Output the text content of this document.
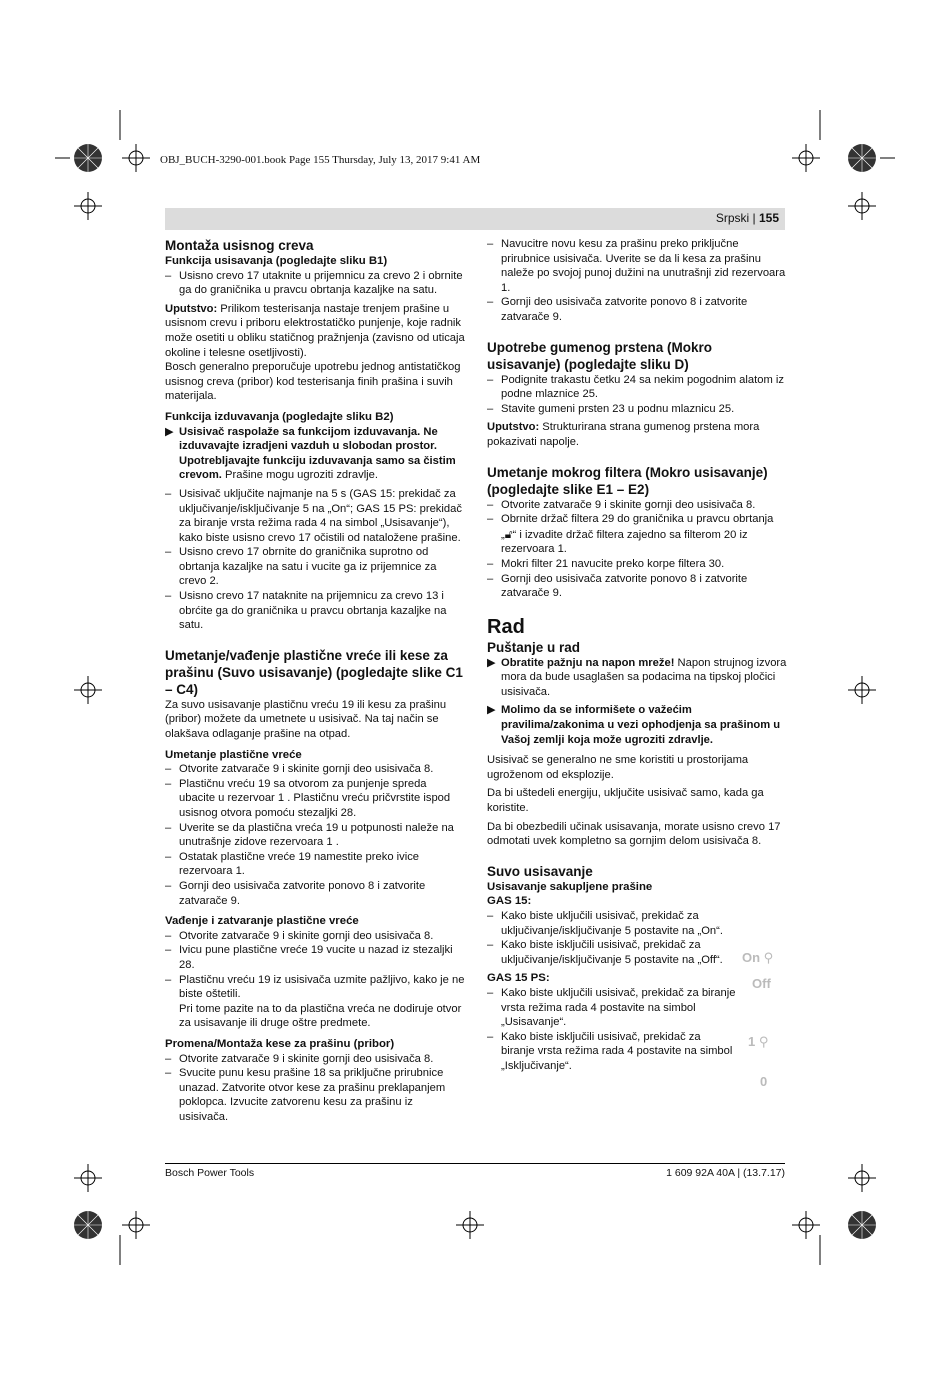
OBJ_BUCH-3290-001.book Page 155 Thursday, July 13, 2017 9:41 AM
Srpski | 155

Montaža usisnog creva

Funkcija usisavanja (pogledajte sliku B1)

– Usisno crevo 17 utaknite u prijemnicu za crevo 2 i obrnite ga do graničnika u pravcu obrtanja kazaljke na satu.

Uputstvo: Prilikom testerisanja nastaje trenjem prašine u usisnom crevu i priboru elektrostatičko punjenje, koje radnik može osetiti u obliku statičnog pražnjenja (zavisno od uticaja okoline i telesne osetljivosti).

Bosch generalno preporučuje upotrebu jednog antistatičkog usisnog creva (pribor) kod testerisanja finih prašina i suvih materijala.

Funkcija izduvavanja (pogledajte sliku B2)

▶ Usisivač raspolaže sa funkcijom izduvavanja. Ne izduvavajte izradjeni vazduh u slobodan prostor. Upotrebljavajte funkciju izduvavanja samo sa čistim crevom. Prašine mogu ugroziti zdravlje.

– Usisivač uključite najmanje na 5 s (GAS 15: prekidač za uključivanje/isključivanje 5 na „On“; GAS 15 PS: prekidač za biranje vrsta režima rada 4 na simbol „Usisavanje“), kako biste usisno crevo 17 očistili od nataložene prašine.

– Usisno crevo 17 obrnite do graničnika suprotno od obrtanja kazaljke na satu i vucite ga iz prijemnice za crevo 2.

– Usisno crevo 17 nataknite na prijemnicu za crevo 13 i obrćite ga do graničnika u pravcu obrtanja kazaljke na satu.

Umetanje/vađenje plastične vreće ili kese za prašinu (Suvo usisavanje) (pogledajte slike C1 – C4)

Za suvo usisavanje plastičnu vreću 19 ili kesu za prašinu (pribor) možete da umetnete u usisivač. Na taj način se olakšava odlaganje prašine na otpad.

Umetanje plastične vreće

– Otvorite zatvarače 9 i skinite gornji deo usisivača 8.

– Plastičnu vreću 19 sa otvorom za punjenje spreda ubacite u rezervoar 1 . Plastičnu vreću pričvrstite ispod usisnog otvora pomoću stezaljki 28.

– Uverite se da plastična vreća 19 u potpunosti naleže na unutrašnje zidove rezervoara 1 .

– Ostatak plastične vreće 19 namestite preko ivice rezervoara 1.

– Gornji deo usisivača zatvorite ponovo 8 i zatvorite zatvarače 9.

Vađenje i zatvaranje plastične vreće

– Otvorite zatvarače 9 i skinite gornji deo usisivača 8.

– Ivicu pune plastične vreće 19 vucite u nazad iz stezaljki 28.

– Plastičnu vreću 19 iz usisivača uzmite pažljivo, kako je ne biste oštetili.

Pri tome pazite na to da plastična vreća ne dodiruje otvor za usisavanje ili druge oštre predmete.

Promena/Montaža kese za prašinu (pribor)

– Otvorite zatvarače 9 i skinite gornji deo usisivača 8.

– Svucite punu kesu prašine 18 sa priključne prirubnice unazad. Zatvorite otvor kese za prašinu preklapanjem poklopca. Izvucite zatvorenu kesu za prašinu iz usisivača.

– Navucitre novu kesu za prašinu preko priključne prirubnice usisivača. Uverite se da li kesa za prašinu naleže po svojoj punoj dužini na unutrašnji zid rezervoara 1.

– Gornji deo usisivača zatvorite ponovo 8 i zatvorite zatvarače 9.

Upotrebe gumenog prstena (Mokro usisavanje) (pogledajte sliku D)

– Podignite trakastu četku 24 sa nekim pogodnim alatom iz podne mlaznice 25.

– Stavite gumeni prsten 23 u podnu mlaznicu 25.

Uputstvo: Strukturirana strana gumenog prstena mora pokazivati napolje.

Umetanje mokrog filtera (Mokro usisavanje) (pogledajte slike E1 – E2)

– Otvorite zatvarače 9 i skinite gornji deo usisivača 8.

– Obrnite držač filtera 29 do graničnika u pravcu obrtanja „🔓︎“ i izvadite držač filtera zajedno sa filterom 20 iz rezervoara 1.

– Mokri filter 21 navucite preko korpe filtera 30.

– Gornji deo usisivača zatvorite ponovo 8 i zatvorite zatvarače 9.

Rad

Puštanje u rad

▶ Obratite pažnju na napon mreže! Napon strujnog izvora mora da bude usaglašen sa podacima na tipskoj pločici usisivača.

▶ Molimo da se informišete o važećim pravilima/zakonima u vezi ophodjenja sa prašinom u Vašoj zemlji koja može ugroziti zdravlje.

Usisivač se generalno ne sme koristiti u prostorijama ugroženom od eksplozije.

Da bi uštedeli energiju, uključite usisivač samo, kada ga koristite.

Da bi obezbedili učinak usisavanja, morate usisno crevo 17 odmotati uvek kompletno sa gornjim delom usisivača 8.

Suvo usisavanje

Usisavanje sakupljene prašine

GAS 15:

– Kako biste uključili usisivač, prekidač za uključivanje/isključivanje 5 postavite na „On“.

– Kako biste isključili usisivač, prekidač za uključivanje/isključivanje 5 postavite na „Off“.

GAS 15 PS:

– Kako biste uključili usisivač, prekidač za biranje vrsta režima rada 4 postavite na simbol „Usisavanje“.

– Kako biste isključili usisivač, prekidač za biranje vrsta režima rada 4 postavite na simbol „Isključivanje“.

On ⚲
Off
1 ⚲
0
Bosch Power Tools	1 609 92A 40A | (13.7.17)
